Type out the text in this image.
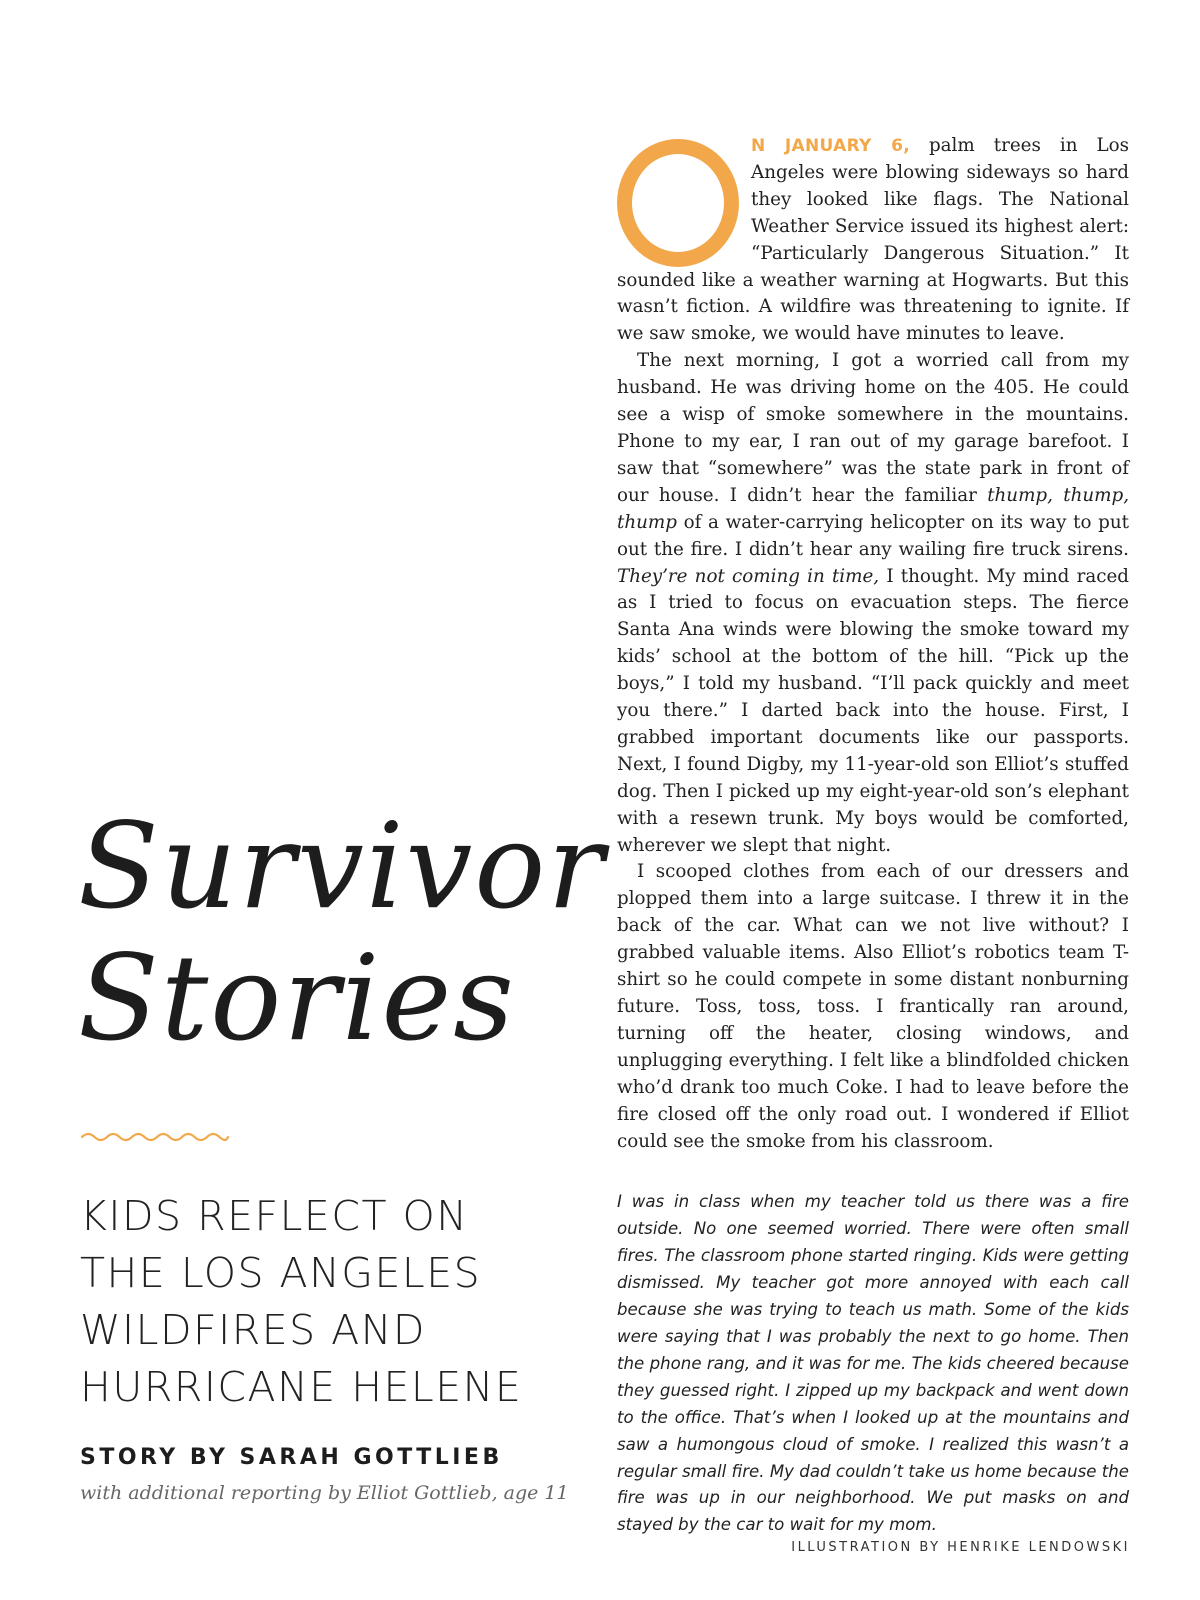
Survivor
Stories
KIDS REFLECT ON
THE LOS ANGELES
WILDFIRES AND
HURRICANE HELENE

STORY BY SARAH GOTTLIEB

with additional reporting by Elliot Gottlieb, age 11

N JANUARY 6, palm trees in Los Angeles were blowing sideways so hard they looked like flags. The National Weather Service issued its highest alert: “Particularly Dangerous Situation.” It sounded like a weather warning at Hogwarts. But this wasn’t fiction. A wildfire was threatening to ignite. If we saw smoke, we would have minutes to leave.

The next morning, I got a worried call from my husband. He was driving home on the 405. He could see a wisp of smoke somewhere in the mountains. Phone to my ear, I ran out of my garage barefoot. I saw that “somewhere” was the state park in front of our house. I didn’t hear the familiar thump, thump, thump of a water-carrying helicopter on its way to put out the fire. I didn’t hear any wailing fire truck sirens. They’re not coming in time, I thought. My mind raced as I tried to focus on evacuation steps. The fierce Santa Ana winds were blowing the smoke toward my kids’ school at the bottom of the hill. “Pick up the boys,” I told my husband. “I’ll pack quickly and meet you there.” I darted back into the house. First, I grabbed important documents like our passports. Next, I found Digby, my 11-year-old son Elliot’s stuffed dog. Then I picked up my eight-year-old son’s elephant with a resewn trunk. My boys would be comforted, wherever we slept that night.

I scooped clothes from each of our dressers and plopped them into a large suitcase. I threw it in the back of the car. What can we not live without? I grabbed valuable items. Also Elliot’s robotics team T-shirt so he could compete in some distant nonburning future. Toss, toss, toss. I frantically ran around, turning off the heater, closing windows, and unplugging everything. I felt like a blindfolded chicken who’d drank too much Coke. I had to leave before the fire closed off the only road out. I wondered if Elliot could see the smoke from his classroom.

I was in class when my teacher told us there was a fire outside. No one seemed worried. There were often small fires. The classroom phone started ringing. Kids were getting dismissed. My teacher got more annoyed with each call because she was trying to teach us math. Some of the kids were saying that I was probably the next to go home. Then the phone rang, and it was for me. The kids cheered because they guessed right. I zipped up my backpack and went down to the office. That’s when I looked up at the mountains and saw a humongous cloud of smoke. I realized this wasn’t a regular small fire. My dad couldn’t take us home because the fire was up in our neighborhood. We put masks on and stayed by the car to wait for my mom.

ILLUSTRATION BY HENRIKE LENDOWSKI
